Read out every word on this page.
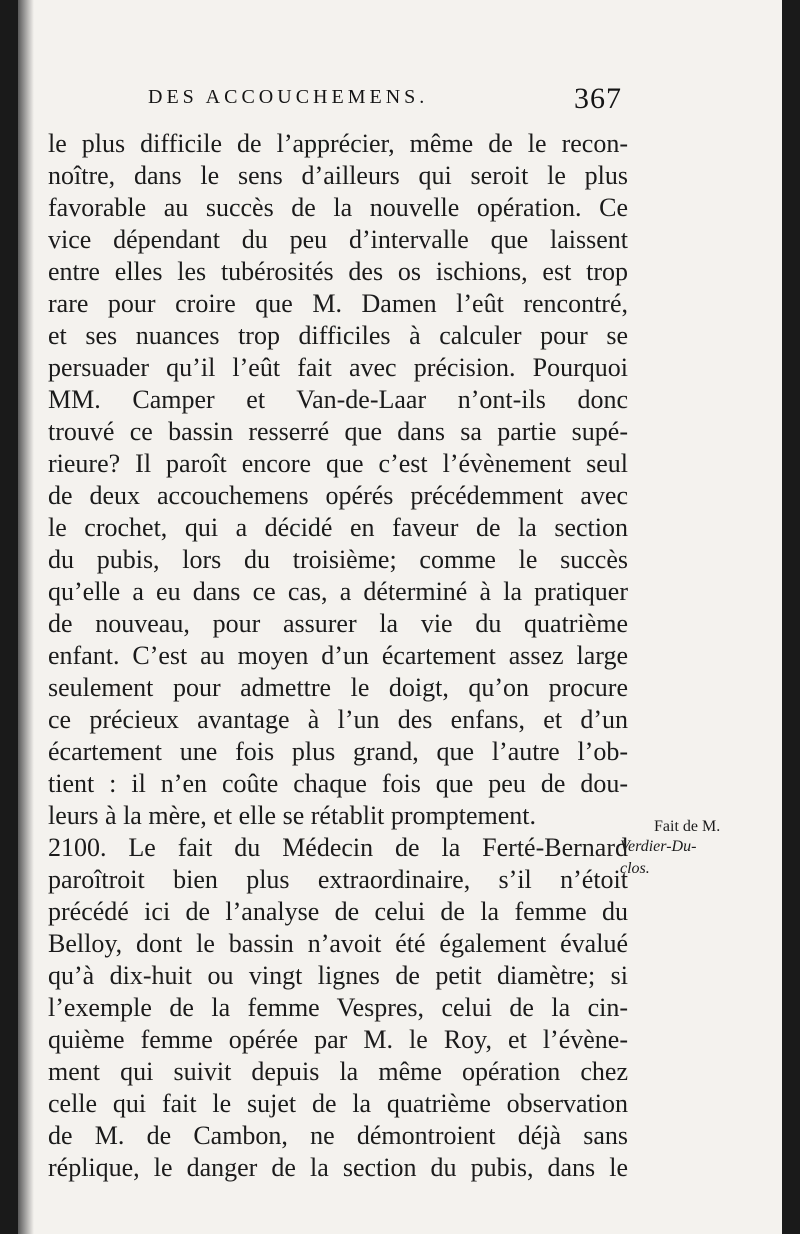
DES ACCOUCHEMENS.	367
le plus difficile de l’apprécier, même de le recon-
noître, dans le sens d’ailleurs qui seroit le plus
favorable au succès de la nouvelle opération. Ce
vice dépendant du peu d’intervalle que laissent
entre elles les tubérosités des os ischions, est trop
rare pour croire que M. Damen l’eût rencontré,
et ses nuances trop difficiles à calculer pour se
persuader qu’il l’eût fait avec précision. Pourquoi
MM. Camper et Van-de-Laar n’ont-ils donc
trouvé ce bassin resserré que dans sa partie supé-
rieure? Il paroît encore que c’est l’évènement seul
de deux accouchemens opérés précédemment avec
le crochet, qui a décidé en faveur de la section
du pubis, lors du troisième; comme le succès
qu’elle a eu dans ce cas, a déterminé à la pratiquer
de nouveau, pour assurer la vie du quatrième
enfant. C’est au moyen d’un écartement assez large
seulement pour admettre le doigt, qu’on procure
ce précieux avantage à l’un des enfans, et d’un
écartement une fois plus grand, que l’autre l’ob-
tient : il n’en coûte chaque fois que peu de dou-
leurs à la mère, et elle se rétablit promptement.
2100. Le fait du Médecin de la Ferté-Bernard
paroîtroit bien plus extraordinaire, s’il n’étoit
précédé ici de l’analyse de celui de la femme du
Belloy, dont le bassin n’avoit été également évalué
qu’à dix-huit ou vingt lignes de petit diamètre; si
l’exemple de la femme Vespres, celui de la cin-
quième femme opérée par M. le Roy, et l’évène-
ment qui suivit depuis la même opération chez
celle qui fait le sujet de la quatrième observation
de M. de Cambon, ne démontroient déjà sans
réplique, le danger de la section du pubis, dans le
Fait de M.
Verdier-Du-
clos.
